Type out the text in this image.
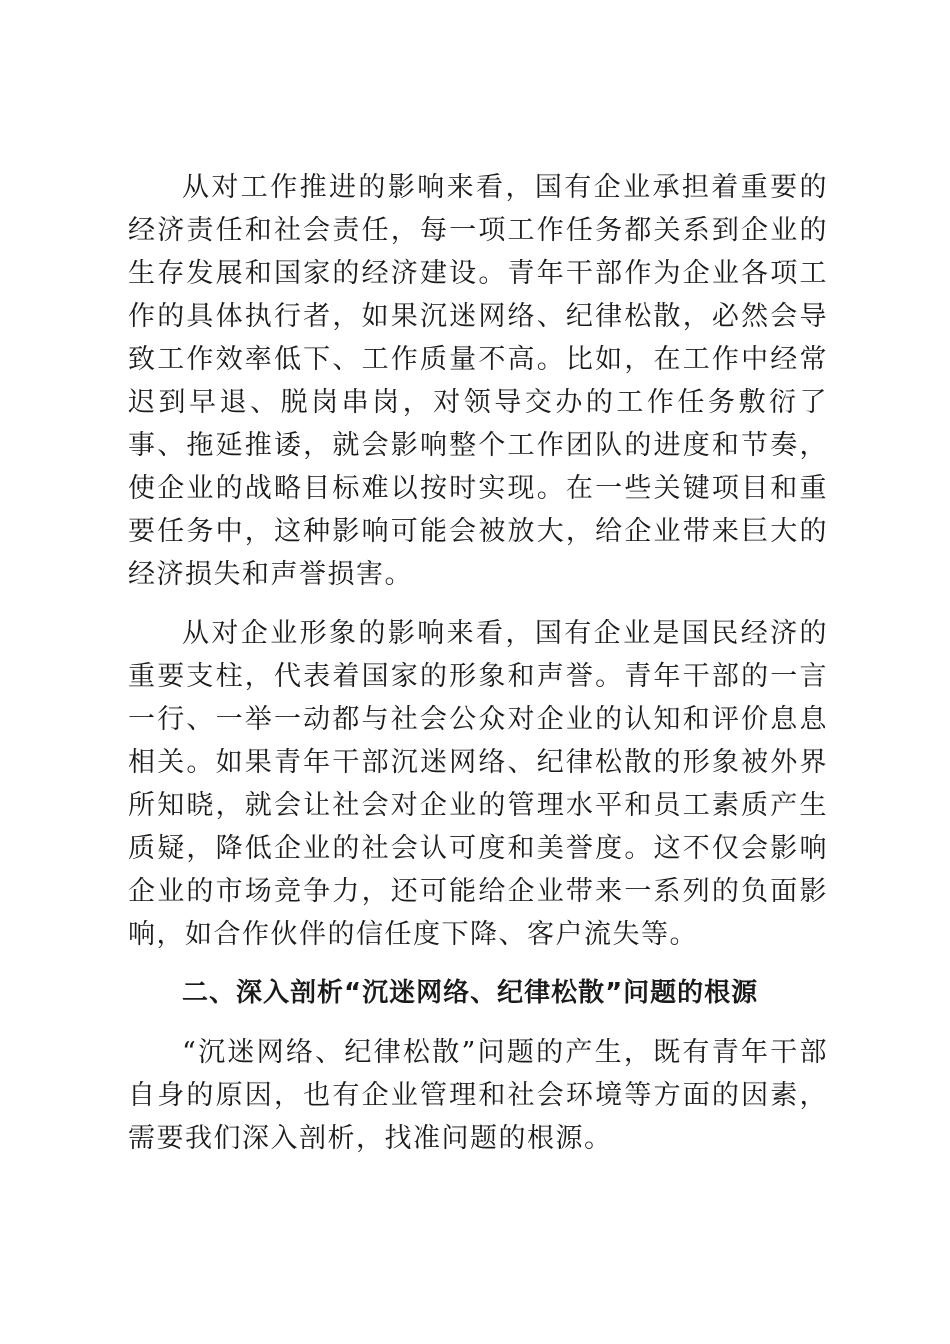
从对工作推进的影响来看，国有企业承担着重要的经济责任和社会责任，每一项工作任务都关系到企业的生存发展和国家的经济建设。青年干部作为企业各项工作的具体执行者，如果沉迷网络、纪律松散，必然会导致工作效率低下、工作质量不高。比如，在工作中经常迟到早退、脱岗串岗，对领导交办的工作任务敷衍了事、拖延推诿，就会影响整个工作团队的进度和节奏，使企业的战略目标难以按时实现。在一些关键项目和重要任务中，这种影响可能会被放大，给企业带来巨大的经济损失和声誉损害。

从对企业形象的影响来看，国有企业是国民经济的重要支柱，代表着国家的形象和声誉。青年干部的一言一行、一举一动都与社会公众对企业的认知和评价息息相关。如果青年干部沉迷网络、纪律松散的形象被外界所知晓，就会让社会对企业的管理水平和员工素质产生质疑，降低企业的社会认可度和美誉度。这不仅会影响企业的市场竞争力，还可能给企业带来一系列的负面影响，如合作伙伴的信任度下降、客户流失等。

二、深入剖析“沉迷网络、纪律松散”问题的根源

“沉迷网络、纪律松散”问题的产生，既有青年干部自身的原因，也有企业管理和社会环境等方面的因素，需要我们深入剖析，找准问题的根源。
